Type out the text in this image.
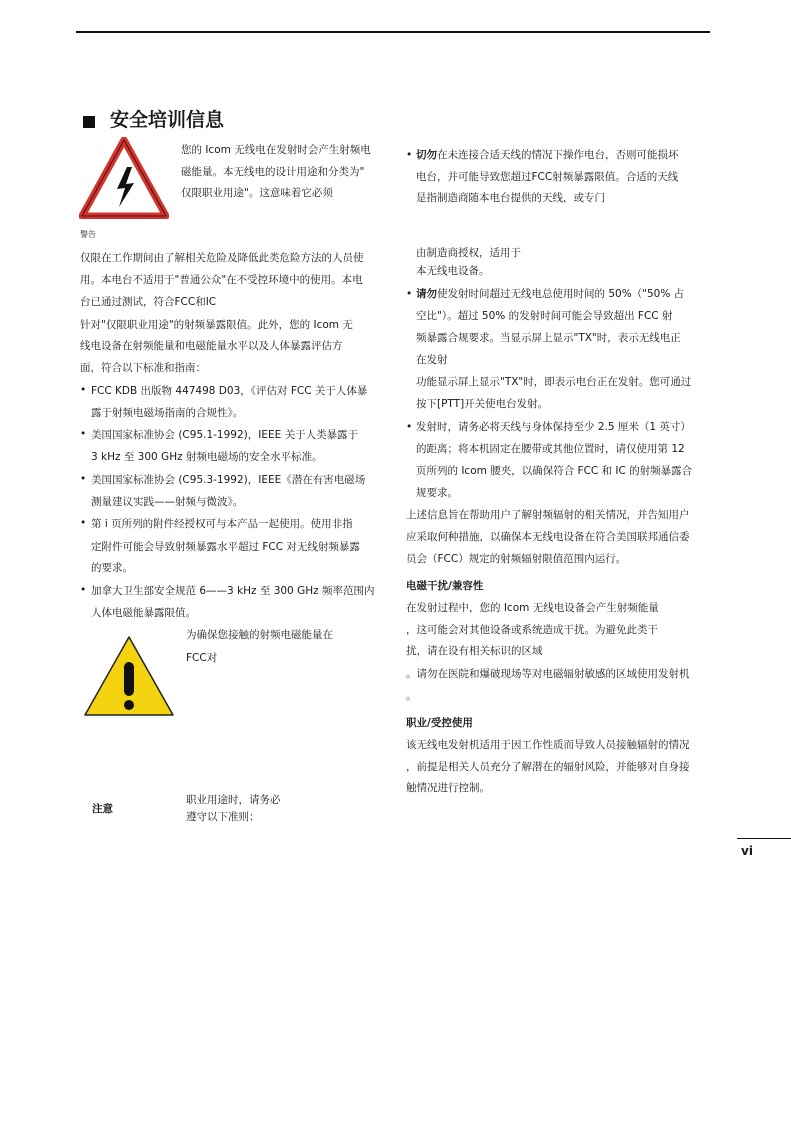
安全培训信息
警告
您的 Icom 无线电在发射时会产生射频电
磁能量。本无线电的设计用途和分类为"
仅限职业用途"。这意味着它必须
仅限在工作期间由了解相关危险及降低此类危险方法的人员使
用。本电台不适用于"普通公众"在不受控环境中的使用。本电
台已通过测试，符合FCC和IC
针对"仅限职业用途"的射频暴露限值。此外，您的 Icom 无
线电设备在射频能量和电磁能量水平以及人体暴露评估方
面，符合以下标准和指南：
• FCC KDB 出版物 447498 D03，《评估对 FCC 关于人体暴
露于射频电磁场指南的合规性》。
• 美国国家标准协会 (C95.1-1992)，IEEE 关于人类暴露于
3 kHz 至 300 GHz 射频电磁场的安全水平标准。
• 美国国家标准协会 (C95.3-1992)，IEEE《潜在有害电磁场
测量建议实践——射频与微波》。
• 第 i 页所列的附件经授权可与本产品一起使用。使用非指
定附件可能会导致射频暴露水平超过 FCC 对无线射频暴露
的要求。
• 加拿大卫生部安全规范 6——3 kHz 至 300 GHz 频率范围内
人体电磁能暴露限值。
为确保您接触的射频电磁能量在
FCC对
注意
职业用途时，请务必
遵守以下准则：
• 切勿在未连接合适天线的情况下操作电台，否则可能损坏
电台，并可能导致您超过FCC射频暴露限值。合适的天线
是指制造商随本电台提供的天线，或专门
由制造商授权，适用于
本无线电设备。
• 请勿使发射时间超过无线电总使用时间的 50%（"50% 占
空比"）。超过 50% 的发射时间可能会导致超出 FCC 射
频暴露合规要求。当显示屏上显示"TX"时，表示无线电正
在发射
功能显示屏上显示"TX"时，即表示电台正在发射。您可通过
按下[PTT]开关使电台发射。
• 发射时，请务必将天线与身体保持至少 2.5 厘米（1 英寸）
的距离；将本机固定在腰带或其他位置时，请仅使用第 12
页所列的 Icom 腰夹，以确保符合 FCC 和 IC 的射频暴露合
规要求。
上述信息旨在帮助用户了解射频辐射的相关情况，并告知用户
应采取何种措施，以确保本无线电设备在符合美国联邦通信委
员会（FCC）规定的射频辐射限值范围内运行。
电磁干扰/兼容性
在发射过程中，您的 Icom 无线电设备会产生射频能量
，这可能会对其他设备或系统造成干扰。为避免此类干
扰，请在设有相关标识的区域
。请勿在医院和爆破现场等对电磁辐射敏感的区域使用发射机
。
职业/受控使用
该无线电发射机适用于因工作性质而导致人员接触辐射的情况
，前提是相关人员充分了解潜在的辐射风险，并能够对自身接
触情况进行控制。
vi
